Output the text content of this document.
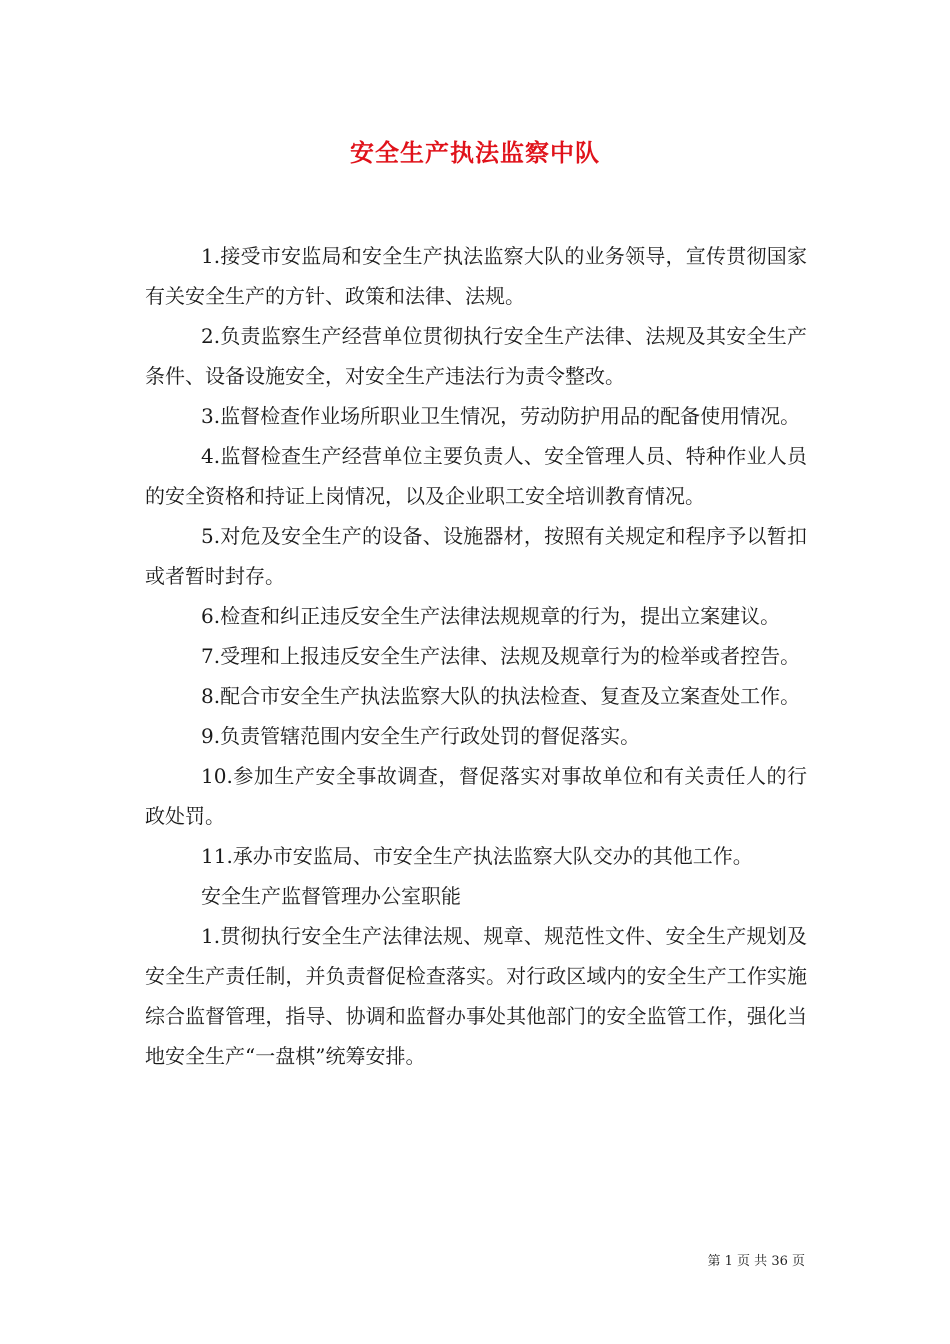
安全生产执法监察中队

1.接受市安监局和安全生产执法监察大队的业务领导，宣传贯彻国家有关安全生产的方针、政策和法律、法规。

2.负责监察生产经营单位贯彻执行安全生产法律、法规及其安全生产条件、设备设施安全，对安全生产违法行为责令整改。

3.监督检查作业场所职业卫生情况，劳动防护用品的配备使用情况。

4.监督检查生产经营单位主要负责人、安全管理人员、特种作业人员的安全资格和持证上岗情况，以及企业职工安全培训教育情况。

5.对危及安全生产的设备、设施器材，按照有关规定和程序予以暂扣或者暂时封存。

6.检查和纠正违反安全生产法律法规规章的行为，提出立案建议。

7.受理和上报违反安全生产法律、法规及规章行为的检举或者控告。

8.配合市安全生产执法监察大队的执法检查、复查及立案查处工作。

9.负责管辖范围内安全生产行政处罚的督促落实。

10.参加生产安全事故调查，督促落实对事故单位和有关责任人的行政处罚。

11.承办市安监局、市安全生产执法监察大队交办的其他工作。

安全生产监督管理办公室职能

1.贯彻执行安全生产法律法规、规章、规范性文件、安全生产规划及安全生产责任制，并负责督促检查落实。对行政区域内的安全生产工作实施综合监督管理，指导、协调和监督办事处其他部门的安全监管工作，强化当地安全生产“一盘棋”统筹安排。

第 1 页 共 36 页
